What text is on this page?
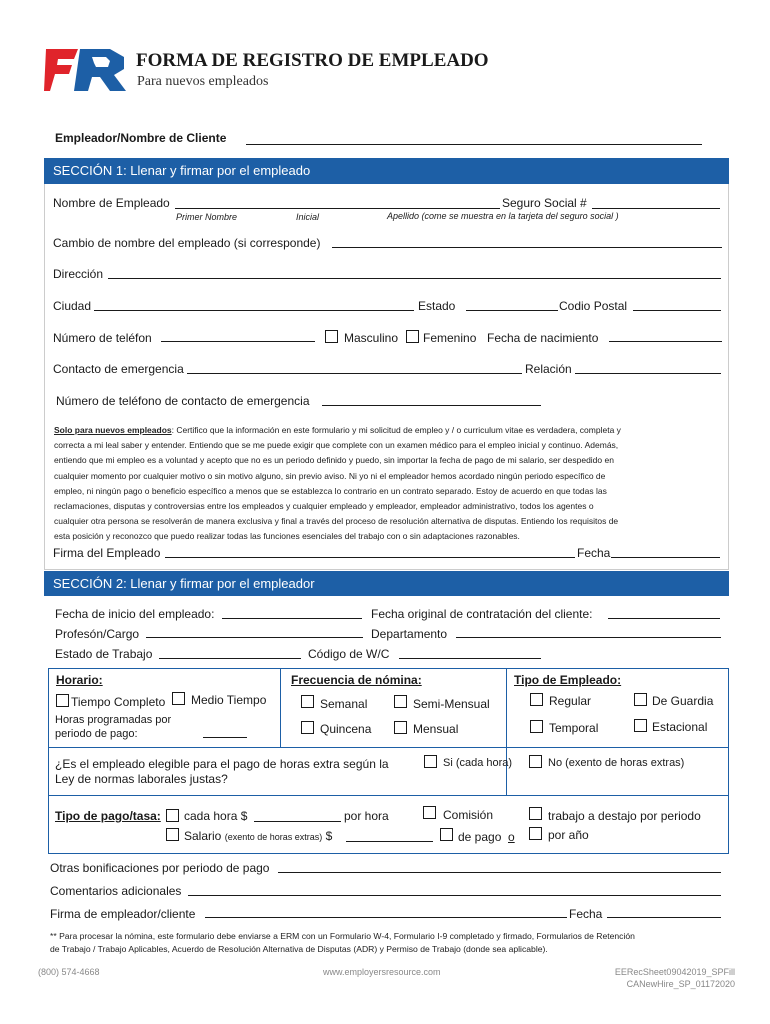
FORMA DE REGISTRO DE EMPLEADO
Para nuevos empleados
Empleador/Nombre de Cliente
SECCIÓN 1: Llenar y firmar por el empleado
Nombre de Empleado
Primer Nombre	Inicial
Seguro Social #
Apellido (come se muestra en la tarjeta del seguro social )
Cambio de nombre del empleado (si corresponde)
Dirección
Ciudad	Estado	Codio Postal
Número de teléfon	Masculino Femenino Fecha de nacimiento
Contacto de emergencia	Relación
Número de teléfono de contacto de emergencia
Solo para nuevos empleados: Certifico que la información en este formulario y mi solicitud de empleo y / o curriculum vitae es verdadera, completa y
correcta a mi leal saber y entender. Entiendo que se me puede exigir que complete con un examen médico para el empleo inicial y continuo. Además,
entiendo que mi empleo es a voluntad y acepto que no es un periodo definido y puedo, sin importar la fecha de pago de mi salario, ser despedido en
cualquier momento por cualquier motivo o sin motivo alguno, sin previo aviso. Ni yo ni el empleador hemos acordado ningún periodo específico de
empleo, ni ningún pago o beneficio específico a menos que se establezca lo contrario en un contrato separado. Estoy de acuerdo en que todas las
reclamaciones, disputas y controversias entre los empleados y cualquier empleado y empleador, empleador administrativo, todos los agentes o
cualquier otra persona se resolverán de manera exclusiva y final a través del proceso de resolución alternativa de disputas. Entiendo los requisitos de
esta posición y reconozco que puedo realizar todas las funciones esenciales del trabajo con o sin adaptaciones razonables.
Firma del Empleado	Fecha
SECCIÓN 2: Llenar y firmar por el empleador
Fecha de inicio del empleado:	Fecha original de contratación del cliente:
Profesón/Cargo	Departamento
Estado de Trabajo	Código de W/C
Horario:
Tiempo Completo Medio Tiempo
Horas programadas por
periodo de pago:
Frecuencia de nómina:
Semanal	Semi-Mensual
Quincena	Mensual
Tipo de Empleado:
Regular	De Guardia
Temporal	Estacional
¿Es el empleado elegible para el pago de horas extra según la
Ley de normas laborales justas?
Si (cada hora)	No (exento de horas extras)
Tipo de pago/tasa: cada hora $	por hora	Comisión	trabajo a destajo por periodo
Salario (exento de horas extras) $	de pago o	por año
Otras bonificaciones por periodo de pago
Comentarios adicionales
Firma de empleador/cliente	Fecha
** Para procesar la nómina, este formulario debe enviarse a ERM con un Formulario W-4, Formulario I-9 completado y firmado, Formularios de Retención
de Trabajo / Trabajo Aplicables, Acuerdo de Resolución Alternativa de Disputas (ADR) y Permiso de Trabajo (donde sea aplicable).
(800) 574-4668	www.employersresource.com	EERecSheet09042019_SPFill
CANewHire_SP_01172020
